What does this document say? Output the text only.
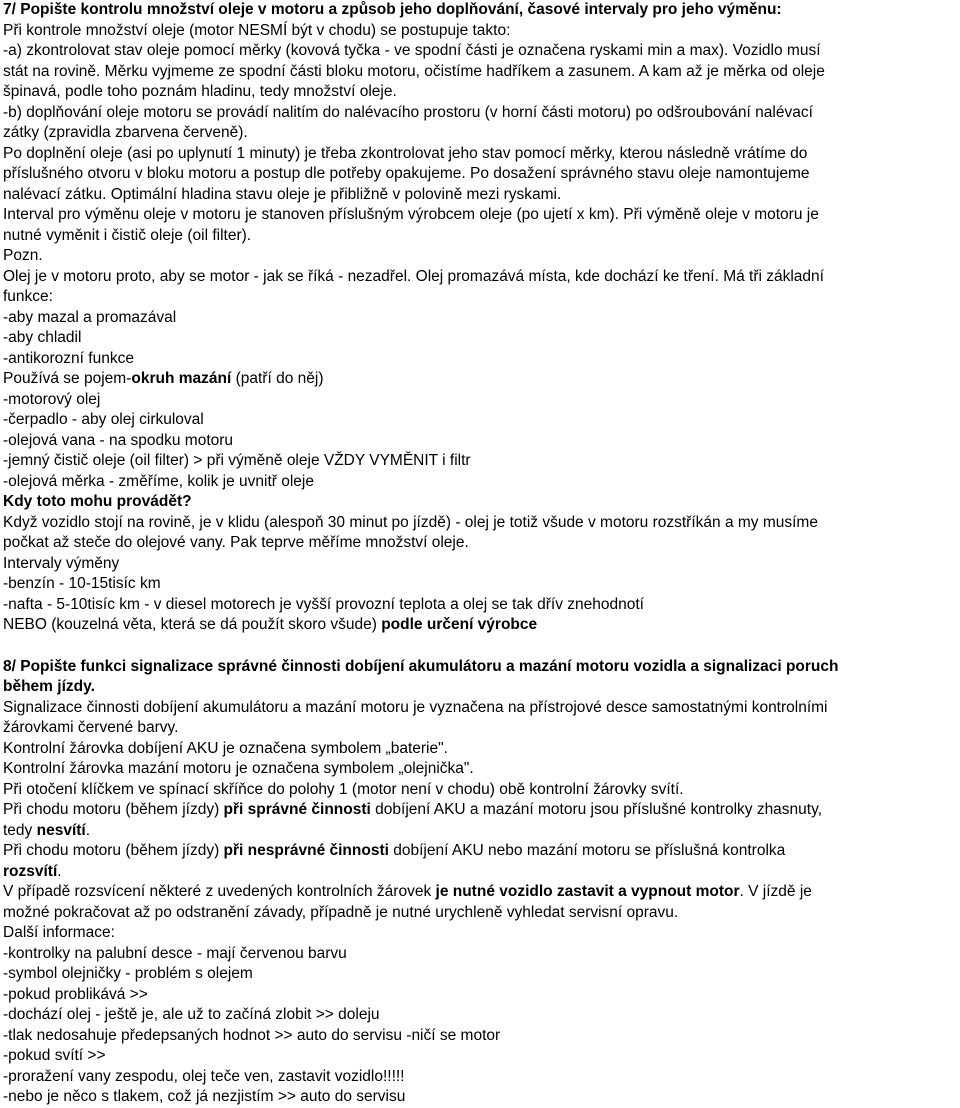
7/ Popište kontrolu množství oleje v motoru a způsob jeho doplňování, časové intervaly pro jeho výměnu:
Při kontrole množství oleje (motor NESMÍ být v chodu) se postupuje takto:
-a) zkontrolovat stav oleje pomocí měrky (kovová tyčka - ve spodní části je označena ryskami min a max). Vozidlo musí
stát na rovině. Měrku vyjmeme ze spodní části bloku motoru, očistíme hadříkem a zasunem. A kam až je měrka od oleje
špinavá, podle toho poznám hladinu, tedy množství oleje.
-b) doplňování oleje motoru se provádí nalitím do nalévacího prostoru (v horní části motoru) po odšroubování nalévací
zátky (zpravidla zbarvena červeně).
Po doplnění oleje (asi po uplynutí 1 minuty) je třeba zkontrolovat jeho stav pomocí měrky, kterou následně vrátíme do
příslušného otvoru v bloku motoru a postup dle potřeby opakujeme. Po dosažení správného stavu oleje namontujeme
nalévací zátku. Optimální hladina stavu oleje je přibližně v polovině mezi ryskami.
Interval pro výměnu oleje v motoru je stanoven příslušným výrobcem oleje (po ujetí x km). Při výměně oleje v motoru je
nutné vyměnit i čistič oleje (oil filter).
Pozn.
Olej je v motoru proto, aby se motor - jak se říká - nezadřel. Olej promazává místa, kde dochází ke tření. Má tři základní
funkce:
-aby mazal a promazával
-aby chladil
-antikorozní funkce
Používá se pojem-okruh mazání (patří do něj)
-motorový olej
-čerpadlo - aby olej cirkuloval
-olejová vana - na spodku motoru
-jemný čistič oleje (oil filter) > při výměně oleje VŽDY VYMĚNIT i filtr
-olejová měrka - změříme, kolik je uvnitř oleje
Kdy toto mohu provádět?
Když vozidlo stojí na rovině, je v klidu (alespoň 30 minut po jízdě) - olej je totiž všude v motoru rozstříkán a my musíme
počkat až steče do olejové vany. Pak teprve měříme množství oleje.
Intervaly výměny
-benzín - 10-15tisíc km
-nafta - 5-10tisíc km - v diesel motorech je vyšší provozní teplota a olej se tak dřív znehodnotí
NEBO (kouzelná věta, která se dá použít skoro všude) podle určení výrobce
8/ Popište funkci signalizace správné činnosti dobíjení akumulátoru a mazání motoru vozidla a signalizaci poruch
během jízdy.
Signalizace činnosti dobíjení akumulátoru a mazání motoru je vyznačena na přístrojové desce samostatnými kontrolními
žárovkami červené barvy.
Kontrolní žárovka dobíjení AKU je označena symbolem „baterie".
Kontrolní žárovka mazání motoru je označena symbolem „olejnička".
Při otočení klíčkem ve spínací skříňce do polohy 1 (motor není v chodu) obě kontrolní žárovky svítí.
Při chodu motoru (během jízdy) při správné činnosti dobíjení AKU a mazání motoru jsou příslušné kontrolky zhasnuty,
tedy nesvítí.
Při chodu motoru (během jízdy) při nesprávné činnosti dobíjení AKU nebo mazání motoru se příslušná kontrolka
rozsvítí.
V případě rozsvícení některé z uvedených kontrolních žárovek je nutné vozidlo zastavit a vypnout motor. V jízdě je
možné pokračovat až po odstranění závady, případně je nutné urychleně vyhledat servisní opravu.
Další informace:
-kontrolky na palubní desce - mají červenou barvu
-symbol olejničky - problém s olejem
-pokud problikává >>
-dochází olej - ještě je, ale už to začíná zlobit >> doleju
-tlak nedosahuje předepsaných hodnot >> auto do servisu -ničí se motor
-pokud svítí >>
-proražení vany zespodu, olej teče ven, zastavit vozidlo!!!!!
-nebo je něco s tlakem, což já nezjistím >> auto do servisu
